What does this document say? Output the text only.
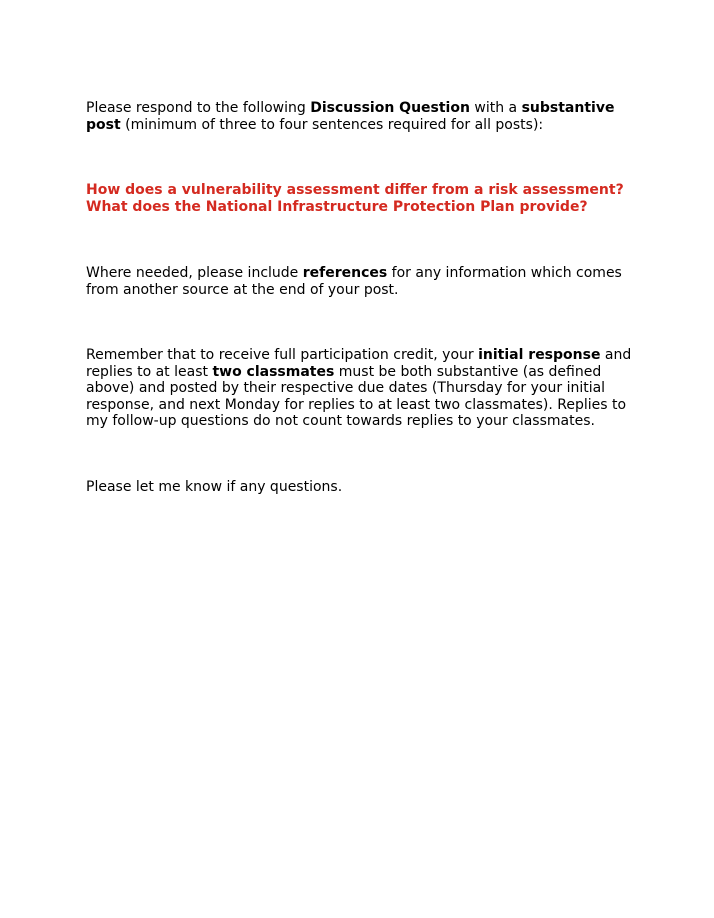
Please respond to the following Discussion Question with a substantive post (minimum of three to four sentences required for all posts):

How does a vulnerability assessment differ from a risk assessment?
What does the National Infrastructure Protection Plan provide?

Where needed, please include references for any information which comes from another source at the end of your post.

Remember that to receive full participation credit, your initial response and replies to at least two classmates must be both substantive (as defined above) and posted by their respective due dates (Thursday for your initial response, and next Monday for replies to at least two classmates). Replies to my follow-up questions do not count towards replies to your classmates.

Please let me know if any questions.
